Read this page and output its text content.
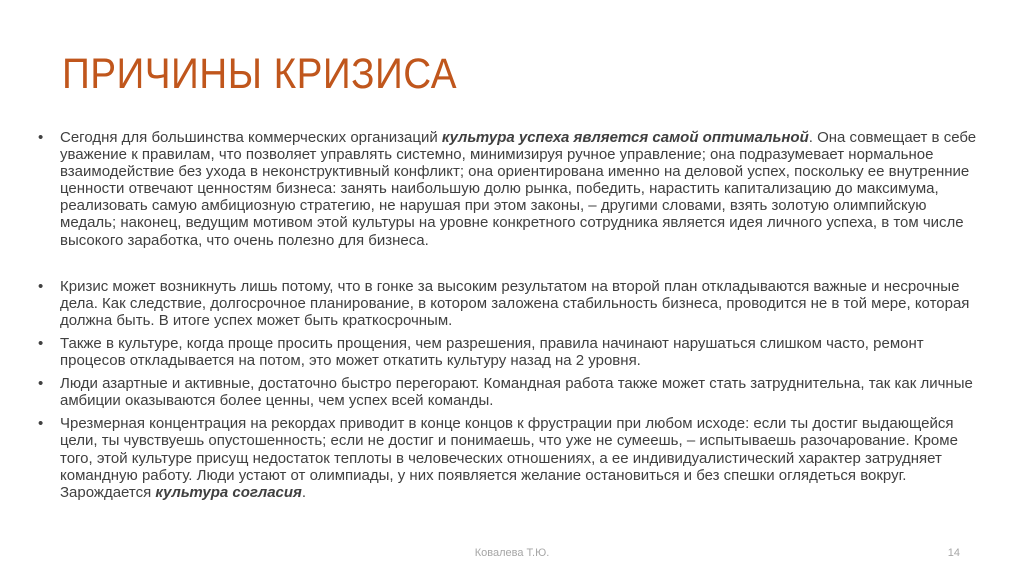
ПРИЧИНЫ КРИЗИСА
• Сегодня для большинства коммерческих организаций культура успеха является самой оптимальной. Она совмещает в себе уважение к правилам, что позволяет управлять системно, минимизируя ручное управление; она подразумевает нормальное взаимодействие без ухода в неконструктивный конфликт; она ориентирована именно на деловой успех, поскольку ее внутренние ценности отвечают ценностям бизнеса: занять наибольшую долю рынка, победить, нарастить капитализацию до максимума, реализовать самую амбициозную стратегию, не нарушая при этом законы, – другими словами, взять золотую олимпийскую медаль; наконец, ведущим мотивом этой культуры на уровне конкретного сотрудника является идея личного успеха, в том числе высокого заработка, что очень полезно для бизнеса.
• Кризис может возникнуть лишь потому, что в гонке за высоким результатом на второй план откладываются важные и несрочные дела. Как следствие, долгосрочное планирование, в котором заложена стабильность бизнеса, проводится не в той мере, которая должна быть. В итоге успех может быть краткосрочным.
• Также в культуре, когда проще просить прощения, чем разрешения, правила начинают нарушаться слишком часто, ремонт процесов откладывается на потом, это может откатить культуру назад на 2 уровня.
• Люди азартные и активные, достаточно быстро перегорают. Командная работа также может стать затруднительна, так как личные амбиции оказываются более ценны, чем успех всей команды.
• Чрезмерная концентрация на рекордах приводит в конце концов к фрустрации при любом исходе: если ты достиг выдающейся цели, ты чувствуешь опустошенность; если не достиг и понимаешь, что уже не сумеешь, – испытываешь разочарование. Кроме того, этой культуре присущ недостаток теплоты в человеческих отношениях, а ее индивидуалистический характер затрудняет командную работу. Люди устают от олимпиады, у них появляется желание остановиться и без спешки оглядеться вокруг. Зарождается культура согласия.
Ковалева Т.Ю.	14
